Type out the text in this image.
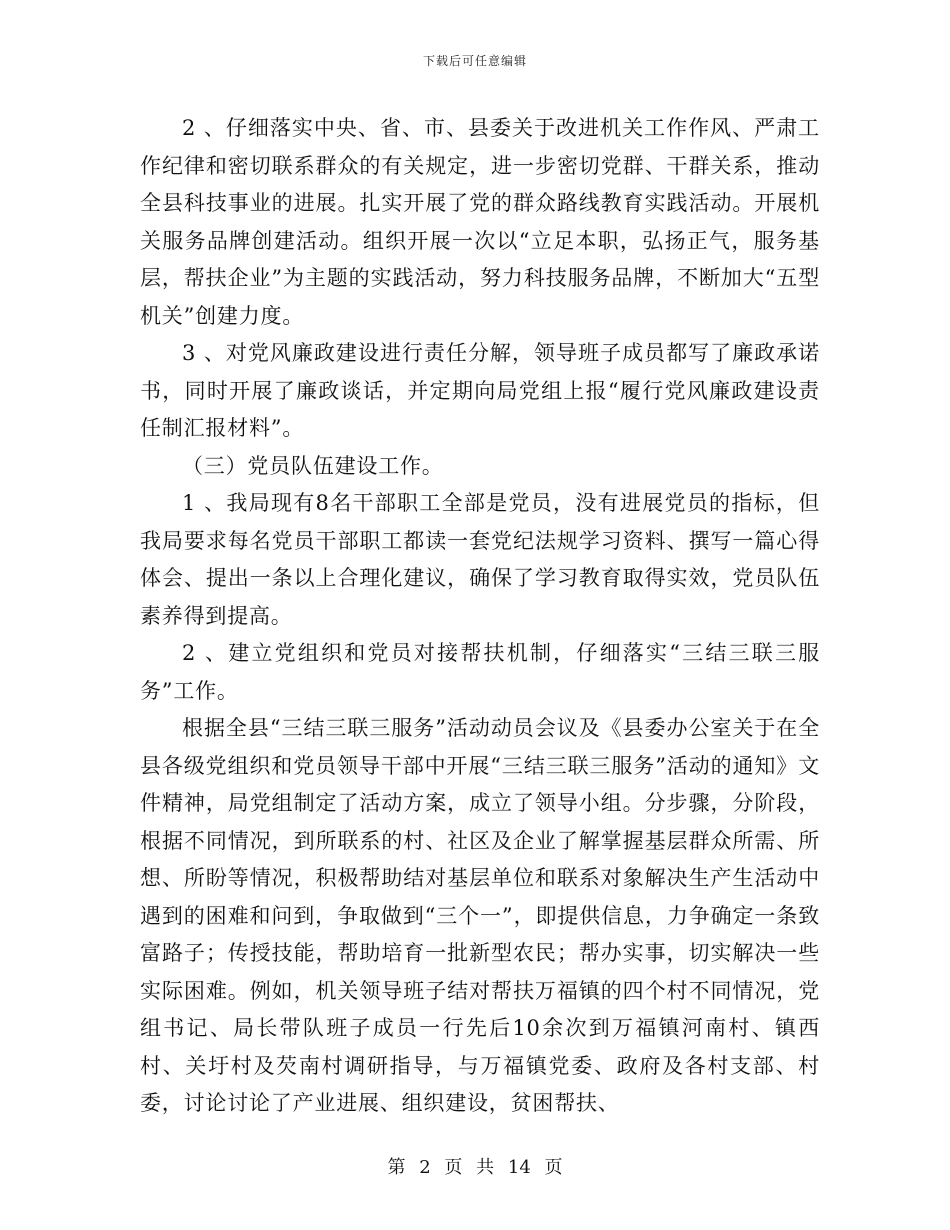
下载后可任意编辑

2 、仔细落实中央、省、市、县委关于改进机关工作作风、严肃工作纪律和密切联系群众的有关规定，进一步密切党群、干群关系，推动全县科技事业的进展。扎实开展了党的群众路线教育实践活动。开展机关服务品牌创建活动。组织开展一次以“立足本职，弘扬正气，服务基层，帮扶企业”为主题的实践活动，努力科技服务品牌，不断加大“五型机关”创建力度。

3 、对党风廉政建设进行责任分解，领导班子成员都写了廉政承诺书，同时开展了廉政谈话，并定期向局党组上报“履行党风廉政建设责任制汇报材料”。

（三）党员队伍建设工作。

1 、我局现有8名干部职工全部是党员，没有进展党员的指标，但我局要求每名党员干部职工都读一套党纪法规学习资料、撰写一篇心得体会、提出一条以上合理化建议，确保了学习教育取得实效，党员队伍素养得到提高。

2 、建立党组织和党员对接帮扶机制，仔细落实“三结三联三服务”工作。

根据全县“三结三联三服务”活动动员会议及《县委办公室关于在全县各级党组织和党员领导干部中开展“三结三联三服务”活动的通知》文件精神，局党组制定了活动方案，成立了领导小组。分步骤，分阶段，根据不同情况，到所联系的村、社区及企业了解掌握基层群众所需、所想、所盼等情况，积极帮助结对基层单位和联系对象解决生产生活动中遇到的困难和问到，争取做到“三个一”，即提供信息，力争确定一条致富路子；传授技能，帮助培育一批新型农民；帮办实事，切实解决一些实际困难。例如，机关领导班子结对帮扶万福镇的四个村不同情况，党组书记、局长带队班子成员一行先后10余次到万福镇河南村、镇西村、关圩村及芡南村调研指导，与万福镇党委、政府及各村支部、村委，讨论讨论了产业进展、组织建设，贫困帮扶、

第 2 页 共 14 页
